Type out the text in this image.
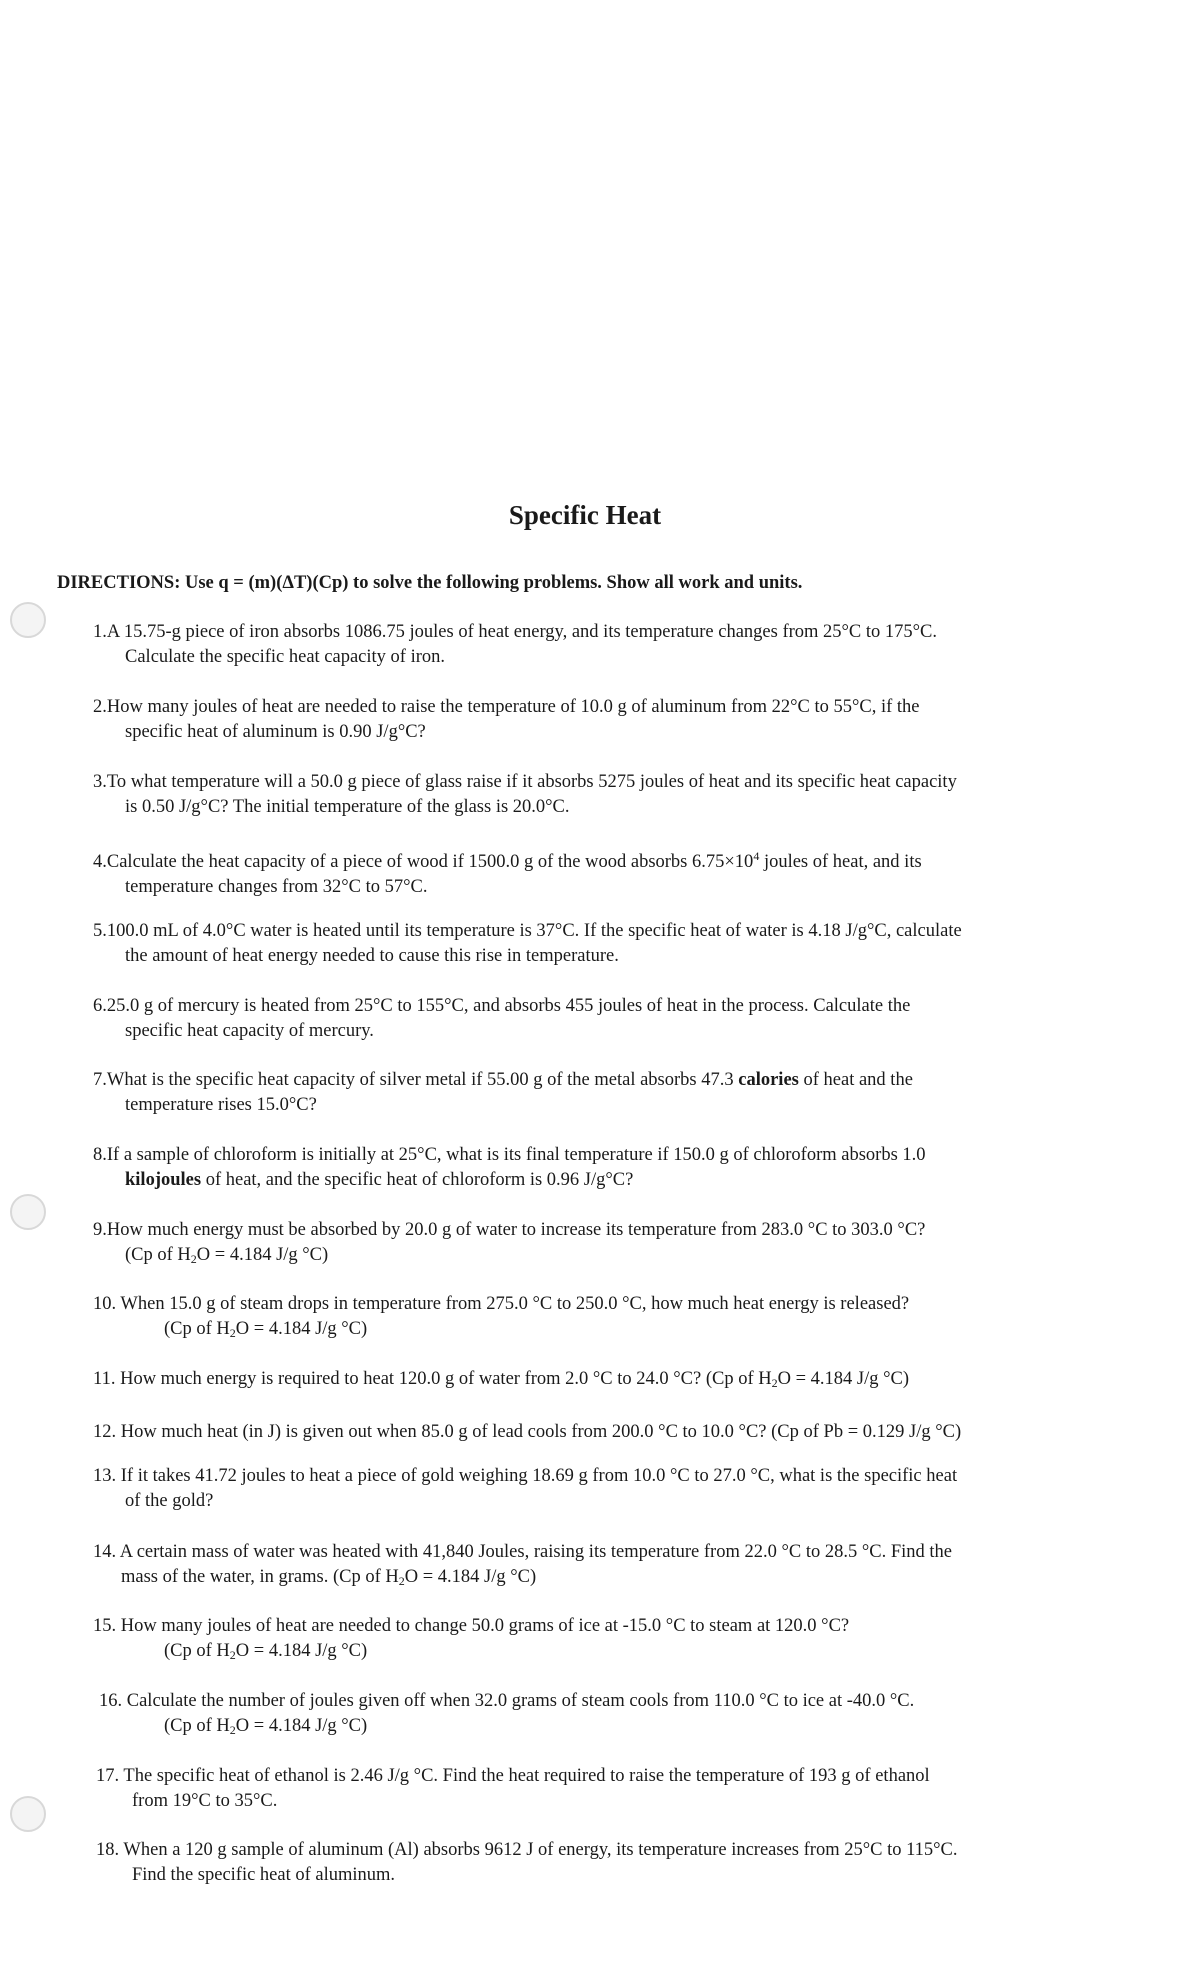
Specific Heat

DIRECTIONS: Use q = (m)(ΔT)(Cp) to solve the following problems. Show all work and units.

1.A 15.75-g piece of iron absorbs 1086.75 joules of heat energy, and its temperature changes from 25°C to 175°C.
Calculate the specific heat capacity of iron.
2.How many joules of heat are needed to raise the temperature of 10.0 g of aluminum from 22°C to 55°C, if the
specific heat of aluminum is 0.90 J/g°C?
3.To what temperature will a 50.0 g piece of glass raise if it absorbs 5275 joules of heat and its specific heat capacity
is 0.50 J/g°C? The initial temperature of the glass is 20.0°C.
4.Calculate the heat capacity of a piece of wood if 1500.0 g of the wood absorbs $6.75\times 10^4$ joules of heat, and its
temperature changes from 32°C to 57°C.
5.100.0 mL of 4.0°C water is heated until its temperature is 37°C. If the specific heat of water is 4.18 J/g°C, calculate
the amount of heat energy needed to cause this rise in temperature.
6.25.0 g of mercury is heated from 25°C to 155°C, and absorbs 455 joules of heat in the process. Calculate the
specific heat capacity of mercury.
7.What is the specific heat capacity of silver metal if 55.00 g of the metal absorbs 47.3 calories of heat and the
temperature rises 15.0°C?
8.If a sample of chloroform is initially at 25°C, what is its final temperature if 150.0 g of chloroform absorbs 1.0
kilojoules of heat, and the specific heat of chloroform is 0.96 J/g°C?
9.How much energy must be absorbed by 20.0 g of water to increase its temperature from 283.0 °C to 303.0 °C?
(Cp of $H_2O = 4.184$ J/g °C)
10. When 15.0 g of steam drops in temperature from 275.0 °C to 250.0 °C, how much heat energy is released?
(Cp of $H_2O = 4.184$ J/g °C)
11. How much energy is required to heat 120.0 g of water from 2.0 °C to 24.0 °C? (Cp of $H_2O = 4.184$ J/g °C)
12. How much heat (in J) is given out when 85.0 g of lead cools from 200.0 °C to 10.0 °C? (Cp of Pb = 0.129 J/g °C)
13. If it takes 41.72 joules to heat a piece of gold weighing 18.69 g from 10.0 °C to 27.0 °C, what is the specific heat
of the gold?
14. A certain mass of water was heated with 41,840 Joules, raising its temperature from 22.0 °C to 28.5 °C. Find the
mass of the water, in grams. (Cp of $H_2O = 4.184$ J/g °C)
15. How many joules of heat are needed to change 50.0 grams of ice at -15.0 °C to steam at 120.0 °C?
(Cp of $H_2O = 4.184$ J/g °C)
16. Calculate the number of joules given off when 32.0 grams of steam cools from 110.0 °C to ice at -40.0 °C.
(Cp of $H_2O = 4.184$ J/g °C)
17. The specific heat of ethanol is 2.46 J/g °C. Find the heat required to raise the temperature of 193 g of ethanol
from 19°C to 35°C.
18. When a 120 g sample of aluminum (Al) absorbs 9612 J of energy, its temperature increases from 25°C to 115°C.
Find the specific heat of aluminum.
